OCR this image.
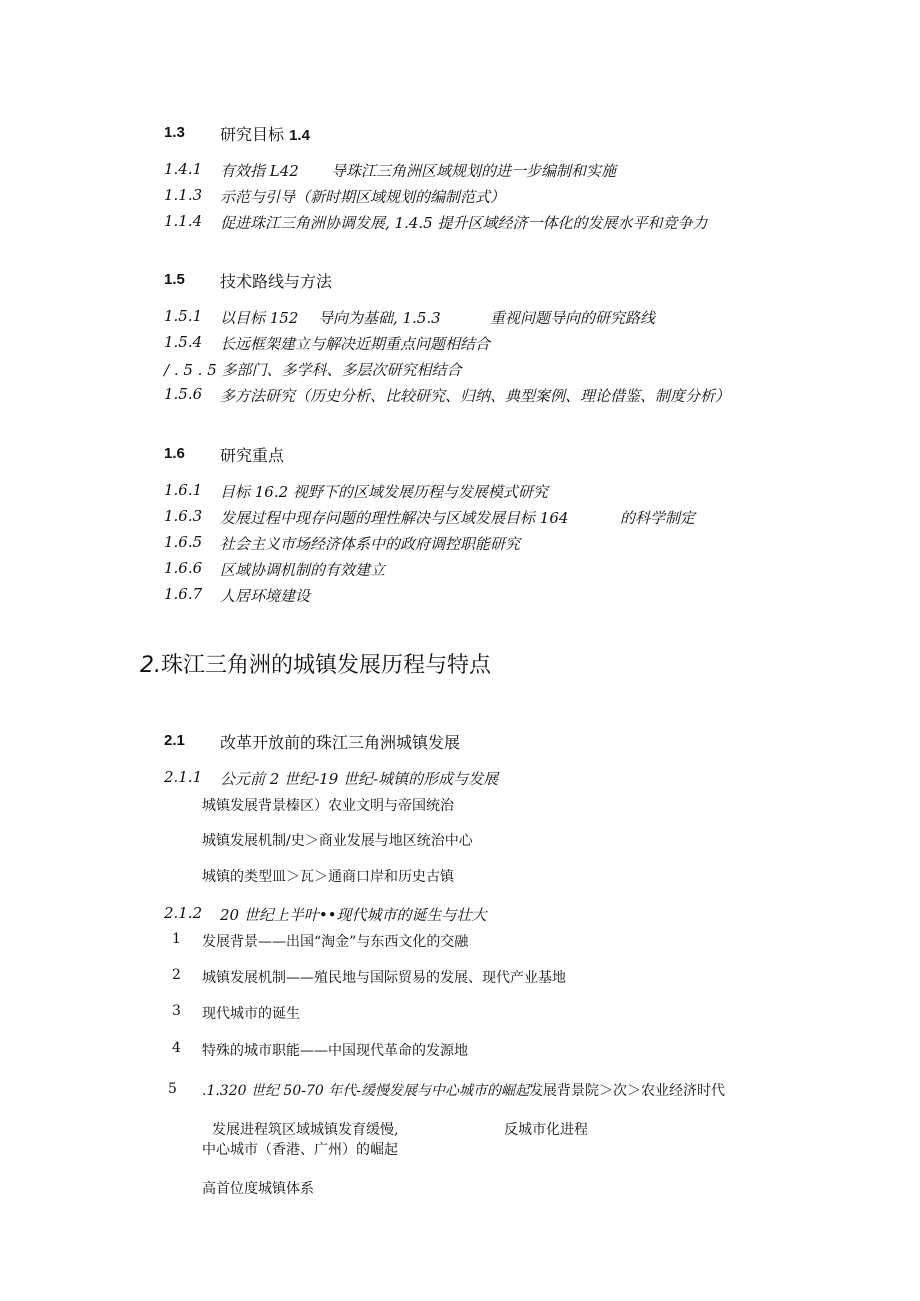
1.3 研究目标 1.4
1.4.1 有效指 L42 导珠江三角洲区域规划的进一步编制和实施
1.1.3 示范与引导（新时期区域规划的编制范式）
1.1.4 促进珠江三角洲协调发展, 1.4.5 提升区域经济一体化的发展水平和竞争力
1.5 技术路线与方法
1.5.1 以目标 152 导向为基础, 1.5.3	重视问题导向的研究路线
1.5.4 长远框架建立与解决近期重点问题相结合
/ . 5 . 5 多部门、多学科、多层次研究相结合
1.5.6 多方法研究（历史分析、比较研究、归纳、典型案例、理论借鉴、制度分析）
1.6 研究重点
1.6.1 目标 16.2 视野下的区域发展历程与发展模式研究
1.6.3 发展过程中现存问题的理性解决与区域发展目标 164	的科学制定
1.6.5 社会主义市场经济体系中的政府调控职能研究
1.6.6 区域协调机制的有效建立
1.6.7 人居环境建设
2.珠江三角洲的城镇发展历程与特点
2.1 改革开放前的珠江三角洲城镇发展
2.1.1 公元前 2 世纪-19 世纪-城镇的形成与发展
城镇发展背景榛区）农业文明与帝国统治
城镇发展机制/史＞商业发展与地区统治中心
城镇的类型皿＞瓦＞通商口岸和历史古镇
2.1.2 20 世纪上半叶••现代城市的诞生与壮大
1 发展背景——出国“淘金”与东西文化的交融
2 城镇发展机制——殖民地与国际贸易的发展、现代产业基地
3 现代城市的诞生
4 特殊的城市职能——中国现代革命的发源地
5 .1.320 世纪 50-70 年代-缓慢发展与中心城市的崛起发展背景院＞次＞农业经济时代
发展进程筑区域城镇发育缓慢,	反城市化进程
中心城市（香港、广州）的崛起
高首位度城镇体系
